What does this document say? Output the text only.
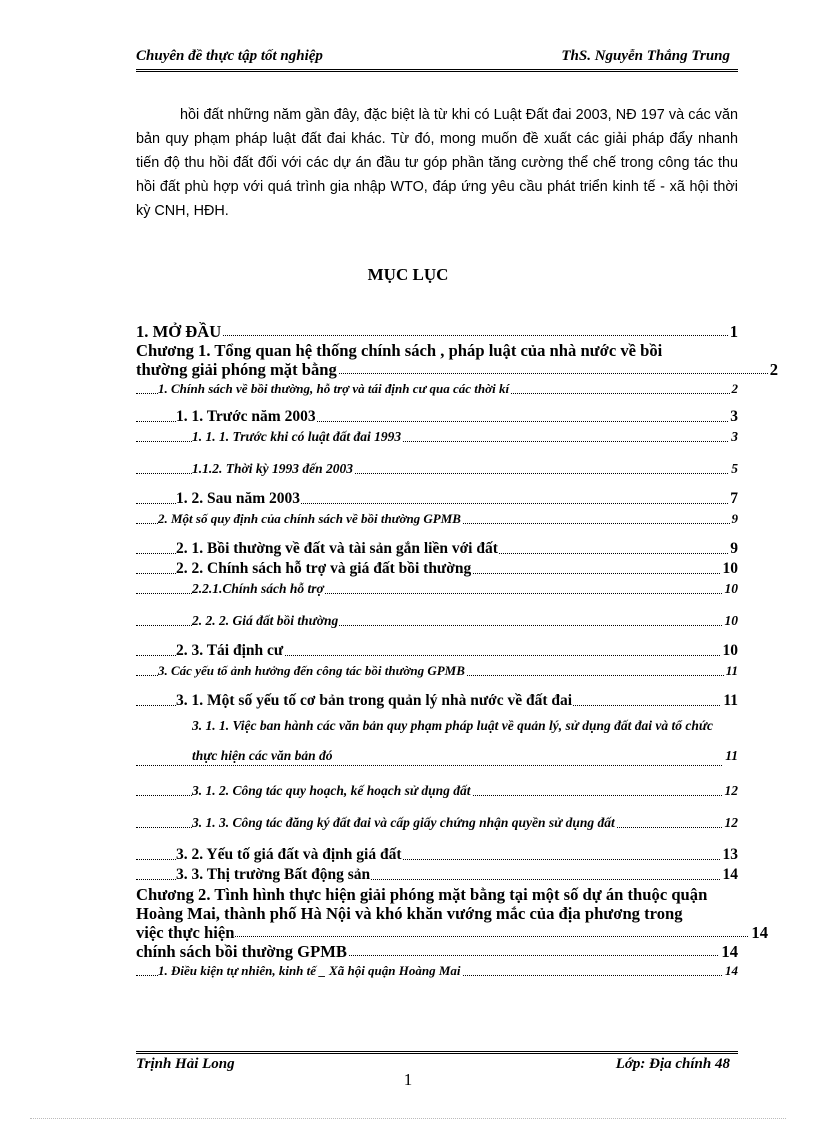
Chuyên đề thực tập tốt nghiệp	ThS. Nguyễn Thắng Trung

hồi đất những năm gần đây, đặc biệt là từ khi có Luật Đất đai 2003, NĐ 197 và các văn bản quy phạm pháp luật đất đai khác. Từ đó, mong muốn đề xuất các giải pháp đẩy nhanh tiến độ thu hồi đất đối với các dự án đầu tư góp phần tăng cường thể chế trong công tác thu hồi đất phù hợp với quá trình gia nhập WTO, đáp ứng yêu cầu phát triển kinh tế - xã hội thời kỳ CNH, HĐH.

MỤC LỤC
1. MỞ ĐẦU	1
Chương 1. Tổng quan hệ thống chính sách , pháp luật của nhà nước về bồi thường giải phóng mặt bằng	2
1. Chính sách về bồi thường, hỗ trợ và tái định cư qua các thời kí	2
1. 1. Trước năm 2003	3
1. 1. 1. Trước khi có luật đất đai 1993	3
1.1.2. Thời kỳ 1993 đến 2003	5
1. 2. Sau năm 2003	7
2. Một số quy định của chính sách về bồi thường GPMB	9
2. 1. Bồi thường về đất và tài sản gắn liền với đất	9
2. 2. Chính sách hỗ trợ và giá đất bồi thường	10
2.2.1.Chính sách hỗ trợ	10
2. 2. 2. Giá đất bồi thường	10
2. 3. Tái định cư	10
3. Các yếu tố ảnh hưởng đến công tác bồi thường GPMB	11
3. 1. Một số yếu tố cơ bản trong quản lý nhà nước về đất đai	11
3. 1. 1. Việc ban hành các văn bản quy phạm pháp luật về quản lý, sử dụng đất đai và tổ chức thực hiện các văn bản đó	11
3. 1. 2. Công tác quy hoạch, kế hoạch sử dụng đất	12
3. 1. 3. Công tác đăng ký đất đai và cấp giấy chứng nhận quyền sử dụng đất	12
3. 2. Yếu tố giá đất và định giá đất	13
3. 3. Thị trường Bất động sản	14
Chương 2. Tình hình thực hiện giải phóng mặt bằng tại một số dự án thuộc quận Hoàng Mai, thành phố Hà Nội và khó khăn vướng mắc của địa phương trong việc thực hiện	14
chính sách bồi thường GPMB	14
1. Điều kiện tự nhiên, kinh tế _ Xã hội quận Hoàng Mai	14
Trịnh Hải Long	Lớp: Địa chính 48
1
